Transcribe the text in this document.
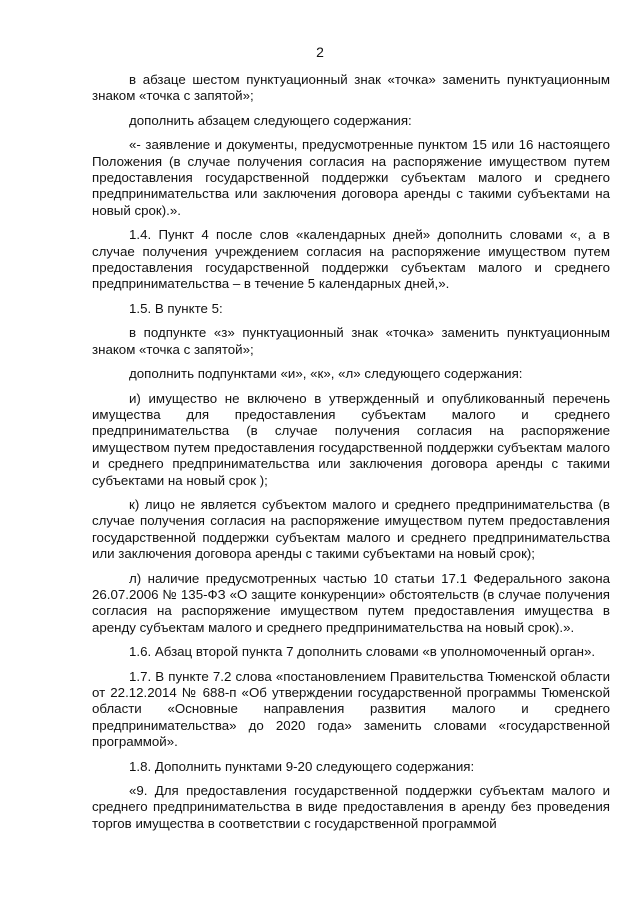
2

в абзаце шестом пунктуационный знак «точка» заменить пунктуационным знаком «точка с запятой»;

дополнить абзацем следующего содержания:

«- заявление и документы, предусмотренные пунктом 15 или 16 настоящего Положения (в случае получения согласия на распоряжение имуществом путем предоставления государственной поддержки субъектам малого и среднего предпринимательства или заключения договора аренды с такими субъектами на новый срок).».

1.4. Пункт 4 после слов «календарных дней» дополнить словами «, а в случае получения учреждением согласия на распоряжение имуществом путем предоставления государственной поддержки субъектам малого и среднего предпринимательства – в течение 5 календарных дней,».

1.5. В пункте 5:

в подпункте «з» пунктуационный знак «точка» заменить пунктуационным знаком «точка с запятой»;

дополнить подпунктами «и», «к», «л» следующего содержания:

и) имущество не включено в утвержденный и опубликованный перечень имущества для предоставления субъектам малого и среднего предпринимательства (в случае получения согласия на распоряжение имуществом путем предоставления государственной поддержки субъектам малого и среднего предпринимательства или заключения договора аренды с такими субъектами на новый срок );

к) лицо не является субъектом малого и среднего предпринимательства (в случае получения согласия на распоряжение имуществом путем предоставления государственной поддержки субъектам малого и среднего предпринимательства или заключения договора аренды с такими субъектами на новый срок);

л) наличие предусмотренных частью 10 статьи 17.1 Федерального закона 26.07.2006 № 135-ФЗ «О защите конкуренции» обстоятельств (в случае получения согласия на распоряжение имуществом путем предоставления имущества в аренду субъектам малого и среднего предпринимательства на новый срок).».

1.6. Абзац второй пункта 7 дополнить словами «в уполномоченный орган».

1.7. В пункте 7.2 слова «постановлением Правительства Тюменской области от 22.12.2014 № 688-п «Об утверждении государственной программы Тюменской области «Основные направления развития малого и среднего предпринимательства» до 2020 года» заменить словами «государственной программой».

1.8. Дополнить пунктами 9-20 следующего содержания:

«9. Для предоставления государственной поддержки субъектам малого и среднего предпринимательства в виде предоставления в аренду без проведения торгов имущества в соответствии с государственной программой
